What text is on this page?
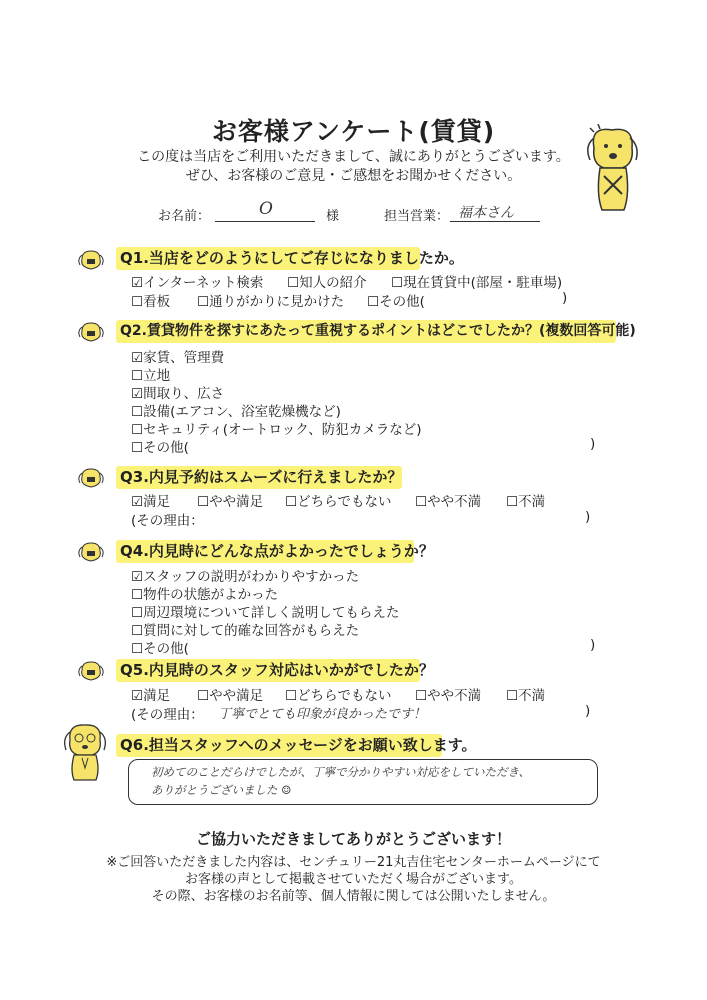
お客様アンケート(賃貸)
この度は当店をご利用いただきまして、誠にありがとうございます。
ぜひ、お客様のご意見・ご感想をお聞かせください。
お名前：	O	様	担当営業： 福本さん
Q1.当店をどのようにしてご存じになりましたか。
☑インターネット検索 ☐知人の紹介 ☐現在賃貸中(部屋・駐車場)
☐看板 ☐通りがかりに見かけた ☐その他(	)
Q2.賃貸物件を探すにあたって重視するポイントはどこでしたか？(複数回答可能)
☑家賃、管理費
☐立地
☑間取り、広さ
☐設備(エアコン、浴室乾燥機など)
☐セキュリティ(オートロック、防犯カメラなど)
☐その他(	)
Q3.内見予約はスムーズに行えましたか？
☑満足 ☐やや満足 ☐どちらでもない ☐やや不満 ☐不満
(その理由：	)
Q4.内見時にどんな点がよかったでしょうか？
☑スタッフの説明がわかりやすかった
☐物件の状態がよかった
☐周辺環境について詳しく説明してもらえた
☐質問に対して的確な回答がもらえた
☐その他(	)
Q5.内見時のスタッフ対応はいかがでしたか？
☑満足 ☐やや満足 ☐どちらでもない ☐やや不満 ☐不満
(その理由： 丁寧でとても印象が良かったです！	)
Q6.担当スタッフへのメッセージをお願い致します。
初めてのことだらけでしたが、丁寧で分かりやすい対応をしていただき、
ありがとうございました ☺
ご協力いただきましてありがとうございます！
※ご回答いただきました内容は、センチュリー21丸吉住宅センターホームページにて
お客様の声として掲載させていただく場合がございます。
その際、お客様のお名前等、個人情報に関しては公開いたしません。
